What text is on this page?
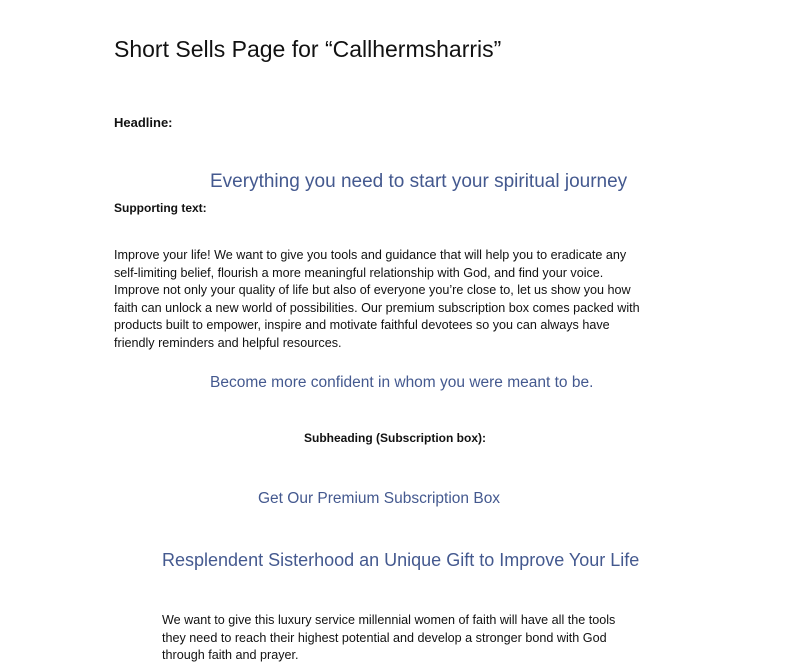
Short Sells Page for “Callhermsharris”
Headline:
Everything you need to start your spiritual journey
Supporting text:
Improve your life! We want to give you tools and guidance that will help you to eradicate any
self-limiting belief, flourish a more meaningful relationship with God, and find your voice.
Improve not only your quality of life but also of everyone you’re close to, let us show you how
faith can unlock a new world of possibilities. Our premium subscription box comes packed with
products built to empower, inspire and motivate faithful devotees so you can always have
friendly reminders and helpful resources.
Become more confident in whom you were meant to be.
Subheading (Subscription box):
Get Our Premium Subscription Box
Resplendent Sisterhood an Unique Gift to Improve Your Life
We want to give this luxury service millennial women of faith will have all the tools
they need to reach their highest potential and develop a stronger bond with God
through faith and prayer.
